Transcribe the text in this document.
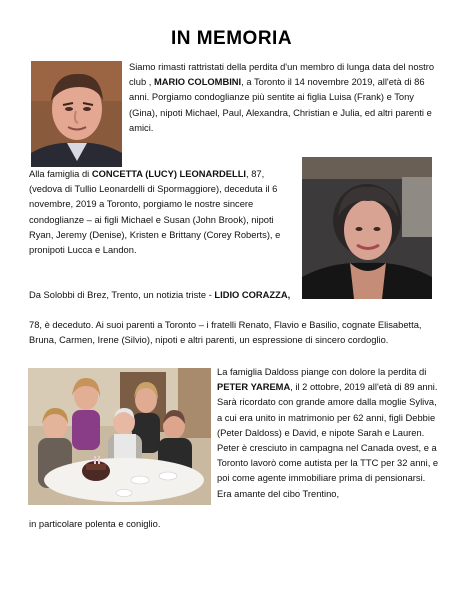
IN MEMORIA
Siamo rimasti rattristati della perdita d'un membro di lunga data del nostro club , MARIO COLOMBINI, a Toronto il 14 novembre 2019, all'età di 86 anni. Porgiamo condoglianze più sentite ai figlia Luisa (Frank) e Tony (Gina), nipoti Michael, Paul, Alexandra, Christian e Julia, ed altri parenti e amici.
Alla famiglia di CONCETTA (LUCY) LEONARDELLI, 87, (vedova di Tullio Leonardelli di Spormaggiore), deceduta il 6 novembre, 2019 a Toronto, porgiamo le nostre sincere condoglianze – ai figli Michael e Susan (John Brook), nipoti Ryan, Jeremy (Denise), Kristen e Brittany (Corey Roberts), e pronipoti Lucca e Landon.
Da Solobbi di Brez, Trento, un notizia triste - LIDIO CORAZZA,
78, è deceduto. Ai suoi parenti a Toronto – i fratelli Renato, Flavio e Basilio, cognate Elisabetta, Bruna, Carmen, Irene (Silvio), nipoti e altri parenti, un espressione di sincero cordoglio.
La famiglia Daldoss piange con dolore la perdita di PETER YAREMA, il 2 ottobre, 2019 all'età di 89 anni. Sarà ricordato con grande amore dalla moglie Syliva, a cui era unito in matrimonio per 62 anni, figli Debbie (Peter Daldoss) e David, e nipote Sarah e Lauren. Peter è cresciuto in campagna nel Canada ovest, e a Toronto lavorò come autista per la TTC per 32 anni, e poi come agente immobiliare prima di pensionarsi. Era amante del cibo Trentino,
in particolare polenta e coniglio.
